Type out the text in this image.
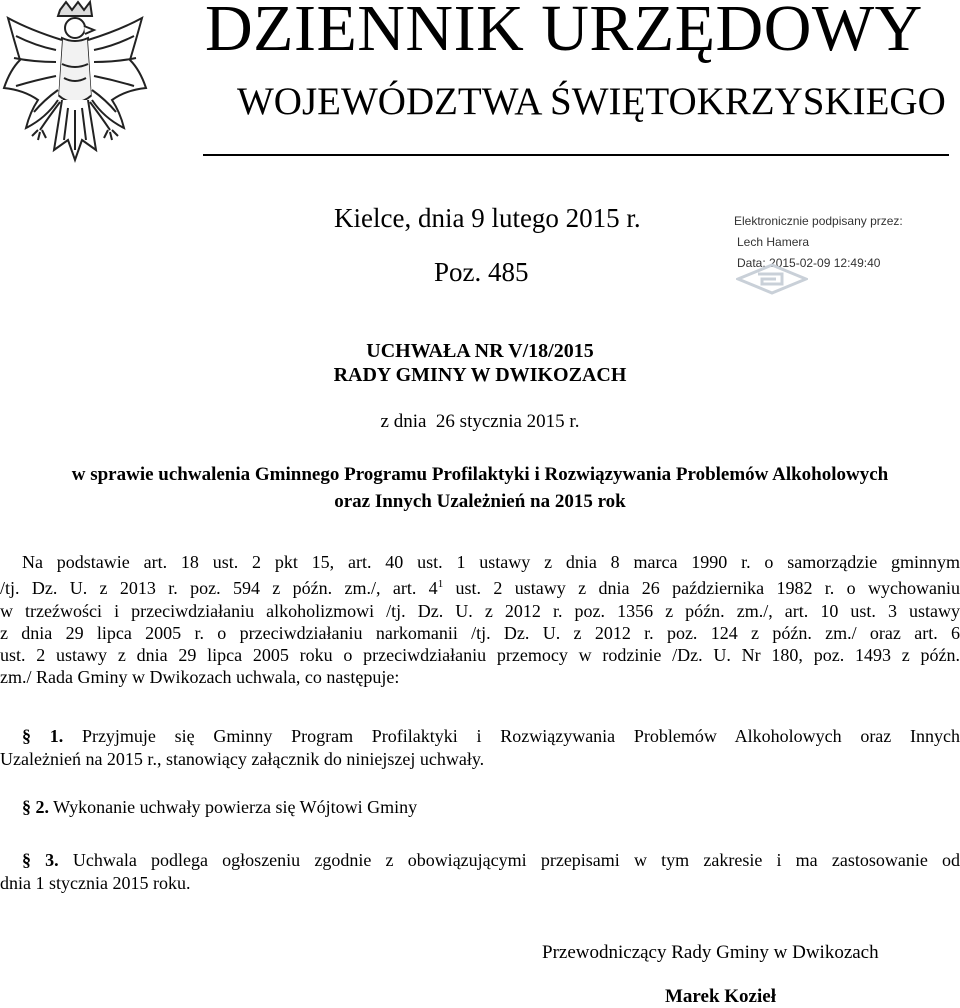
DZIENNIK URZĘDOWY
WOJEWÓDZTWA ŚWIĘTOKRZYSKIEGO
Kielce, dnia 9 lutego 2015 r.
Poz. 485
Elektronicznie podpisany przez:
Lech Hamera
Data: 2015-02-09 12:49:40
UCHWAŁA NR V/18/2015
RADY GMINY W DWIKOZACH
z dnia  26 stycznia 2015 r.
w sprawie uchwalenia Gminnego Programu Profilaktyki i Rozwiązywania Problemów Alkoholowych
oraz Innych Uzależnień na 2015 rok
Na podstawie art. 18 ust. 2 pkt 15, art. 40 ust. 1 ustawy z dnia 8 marca 1990 r. o samorządzie gminnym
/tj. Dz. U. z 2013 r. poz. 594 z późn. zm./, art. $4^1$ ust. 2 ustawy z dnia 26 października 1982 r. o wychowaniu
w trzeźwości i przeciwdziałaniu alkoholizmowi /tj. Dz. U. z 2012 r. poz. 1356 z późn. zm./, art. 10 ust. 3 ustawy
z dnia 29 lipca 2005 r. o przeciwdziałaniu narkomanii /tj. Dz. U. z 2012 r. poz. 124 z późn. zm./ oraz art. 6
ust. 2 ustawy z dnia 29 lipca 2005 roku o przeciwdziałaniu przemocy w rodzinie /Dz. U. Nr 180, poz. 1493 z późn.
zm./ Rada Gminy w Dwikozach uchwala, co następuje:
§ 1. Przyjmuje się Gminny Program Profilaktyki i Rozwiązywania Problemów Alkoholowych oraz Innych
Uzależnień na 2015 r., stanowiący załącznik do niniejszej uchwały.
§ 2. Wykonanie uchwały powierza się Wójtowi Gminy
§ 3. Uchwala podlega ogłoszeniu zgodnie z obowiązującymi przepisami w tym zakresie i ma zastosowanie od
dnia 1 stycznia 2015 roku.
Przewodniczący Rady Gminy w Dwikozach
Marek Kozieł
